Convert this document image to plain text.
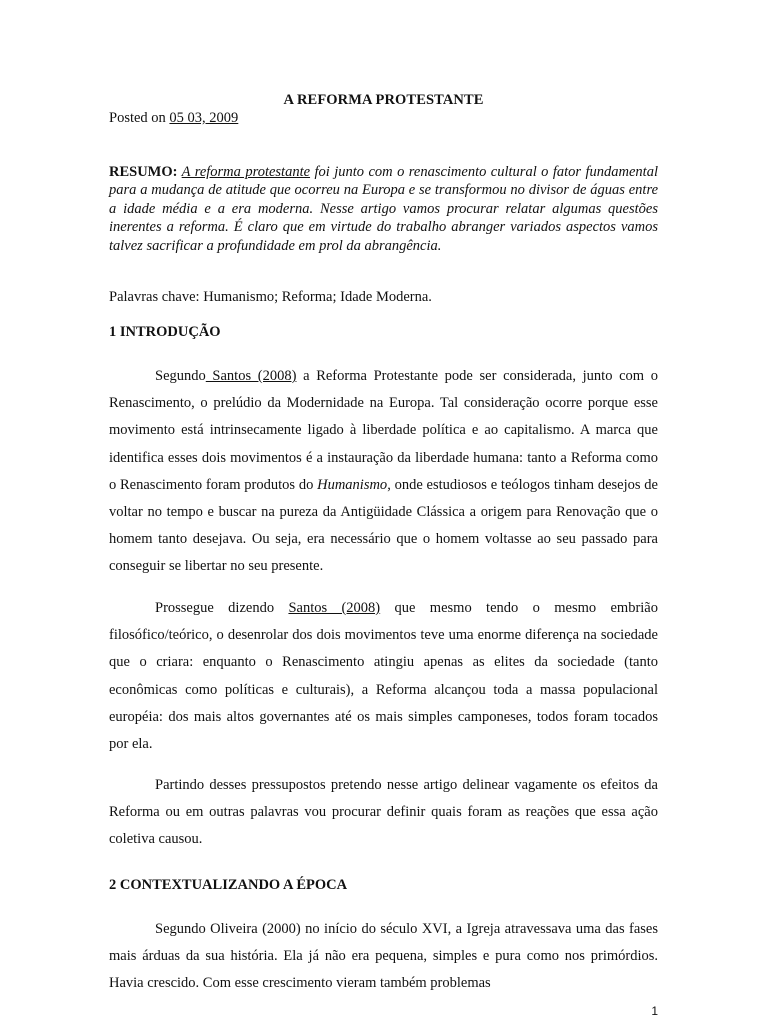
A REFORMA PROTESTANTE
Posted on 05 03, 2009
RESUMO: A reforma protestante foi junto com o renascimento cultural o fator fundamental para a mudança de atitude que ocorreu na Europa e se transformou no divisor de águas entre a idade média e a era moderna. Nesse artigo vamos procurar relatar algumas questões inerentes a reforma. É claro que em virtude do trabalho abranger variados aspectos vamos talvez sacrificar a profundidade em prol da abrangência.
Palavras chave: Humanismo; Reforma; Idade Moderna.
1 INTRODUÇÃO
Segundo Santos (2008) a Reforma Protestante pode ser considerada, junto com o Renascimento, o prelúdio da Modernidade na Europa. Tal consideração ocorre porque esse movimento está intrinsecamente ligado à liberdade política e ao capitalismo. A marca que identifica esses dois movimentos é a instauração da liberdade humana: tanto a Reforma como o Renascimento foram produtos do Humanismo, onde estudiosos e teólogos tinham desejos de voltar no tempo e buscar na pureza da Antigüidade Clássica a origem para Renovação que o homem tanto desejava. Ou seja, era necessário que o homem voltasse ao seu passado para conseguir se libertar no seu presente.
Prossegue dizendo Santos (2008) que mesmo tendo o mesmo embrião filosófico/teórico, o desenrolar dos dois movimentos teve uma enorme diferença na sociedade que o criara: enquanto o Renascimento atingiu apenas as elites da sociedade (tanto econômicas como políticas e culturais), a Reforma alcançou toda a massa populacional européia: dos mais altos governantes até os mais simples camponeses, todos foram tocados por ela.
Partindo desses pressupostos pretendo nesse artigo delinear vagamente os efeitos da Reforma ou em outras palavras vou procurar definir quais foram as reações que essa ação coletiva causou.
2 CONTEXTUALIZANDO A ÉPOCA
Segundo Oliveira (2000) no início do século XVI, a Igreja atravessava uma das fases mais árduas da sua história. Ela já não era pequena, simples e pura como nos primórdios. Havia crescido. Com esse crescimento vieram também problemas
1
